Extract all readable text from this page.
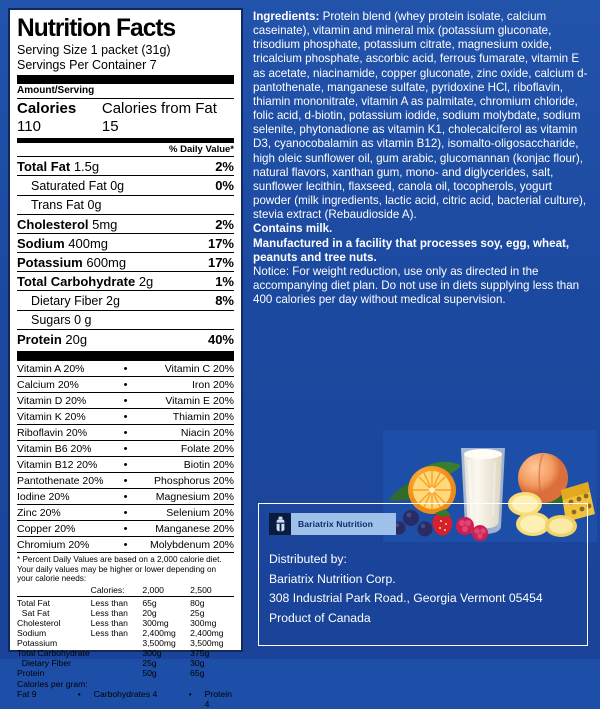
Nutrition Facts
Serving Size 1 packet (31g)
Servings Per Container 7
Amount/Serving
Calories 110
Calories from Fat 15
% Daily Value*
Total Fat 1.5g	2%
Saturated Fat 0g	0%
Trans Fat 0g
Cholesterol 5mg	2%
Sodium 400mg	17%
Potassium 600mg	17%
Total Carbohydrate 2g	1%
Dietary Fiber 2g	8%
Sugars 0 g
Protein 20g	40%
Vitamin A 20%	•	Vitamin C 20%
Calcium 20%	•	Iron 20%
Vitamin D 20%	•	Vitamin E 20%
Vitamin K 20%	•	Thiamin 20%
Riboflavin 20%	•	Niacin 20%
Vitamin B6 20%	•	Folate 20%
Vitamin B12 20%	•	Biotin 20%
Pantothenate 20%	•	Phosphorus 20%
Iodine 20%	•	Magnesium 20%
Zinc 20%	•	Selenium 20%
Copper 20%	•	Manganese 20%
Chromium 20%	•	Molybdenum 20%
* Percent Daily Values are based on a 2,000 calorie diet. Your daily values may be higher or lower depending on your calorie needs:
	Calories:	2,000	2,500
Total Fat	Less than	65g	80g
Sat Fat	Less than	20g	25g
Cholesterol	Less than	300mg	300mg
Sodium	Less than	2,400mg	2,400mg
Potassium		3,500mg	3,500mg
Total Carbohydrate		300g	375g
Dietary Fiber		25g	30g
Protein		50g	65g
Calories per gram:
Fat 9	•	Carbohydrates 4	•	Protein 4

Ingredients: Protein blend (whey protein isolate, calcium caseinate), vitamin and mineral mix (potassium gluconate, trisodium phosphate, potassium citrate, magnesium oxide, tricalcium phosphate, ascorbic acid, ferrous fumarate, vitamin E as acetate, niacinamide, copper gluconate, zinc oxide, calcium d-pantothenate, manganese sulfate, pyridoxine HCl, riboflavin, thiamin mononitrate, vitamin A as palmitate, chromium chloride, folic acid, d-biotin, potassium iodide, sodium molybdate, sodium selenite, phytonadione as vitamin K1, cholecalciferol as vitamin D3, cyanocobalamin as vitamin B12), isomalto-oligosaccharide, high oleic sunflower oil, gum arabic, glucomannan (konjac flour), natural flavors, xanthan gum, mono- and diglycerides, salt, sunflower lecithin, flaxseed, canola oil, tocopherols, yogurt powder (milk ingredients, lactic acid, citric acid, bacterial culture), stevia extract (Rebaudioside A).

Contains milk.

Manufactured in a facility that processes soy, egg, wheat, peanuts and tree nuts.

Notice: For weight reduction, use only as directed in the accompanying diet plan. Do not use in diets supplying less than 400 calories per day without medical supervision.

Bariatrix Nutrition
Distributed by:
Bariatrix Nutrition Corp.
308 Industrial Park Road., Georgia Vermont 05454
Product of Canada
